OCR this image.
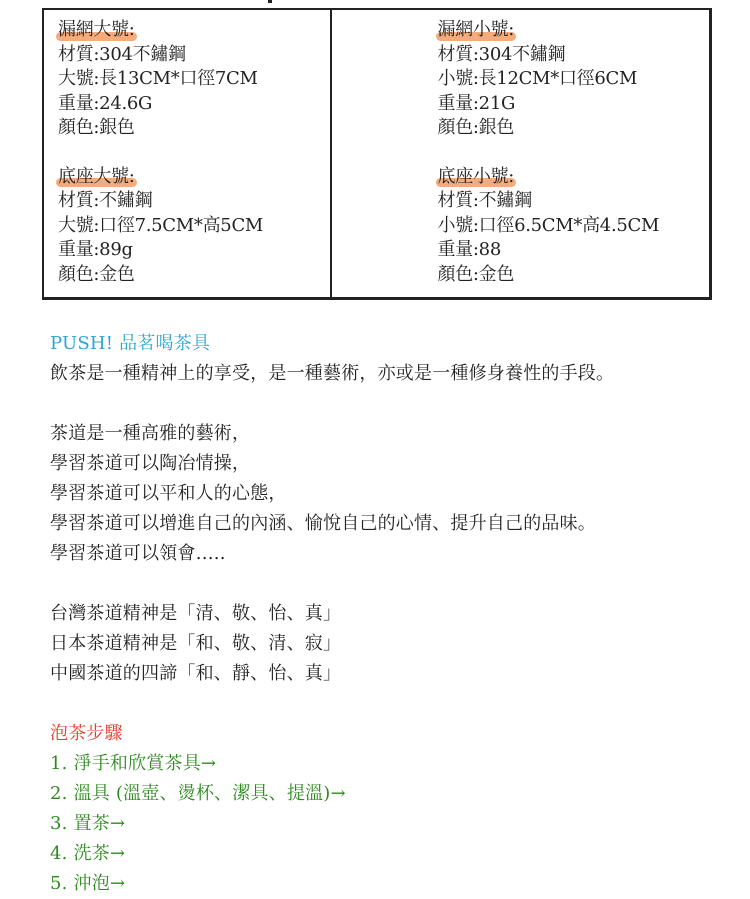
漏網大號:
材質:304不鏽鋼
大號:長13CM*口徑7CM
重量:24.6G
顏色:銀色
底座大號:
材質:不鏽鋼
大號:口徑7.5CM*高5CM
重量:89g
顏色:金色
漏網小號:
材質:304不鏽鋼
小號:長12CM*口徑6CM
重量:21G
顏色:銀色
底座小號:
材質:不鏽鋼
小號:口徑6.5CM*高4.5CM
重量:88
顏色:金色
PUSH! 品茗喝茶具
飲茶是一種精神上的享受，是一種藝術，亦或是一種修身養性的手段。
茶道是一種高雅的藝術，
學習茶道可以陶冶情操，
學習茶道可以平和人的心態，
學習茶道可以增進自己的內涵、愉悅自己的心情、提升自己的品味。
學習茶道可以領會…..
台灣茶道精神是「清、敬、怡、真」
日本茶道精神是「和、敬、清、寂」
中國茶道的四諦「和、靜、怡、真」
泡茶步驟
1. 淨手和欣賞茶具→
2. 溫具 (溫壺、燙杯、潔具、提溫)→
3. 置茶→
4. 洗茶→
5. 沖泡→
